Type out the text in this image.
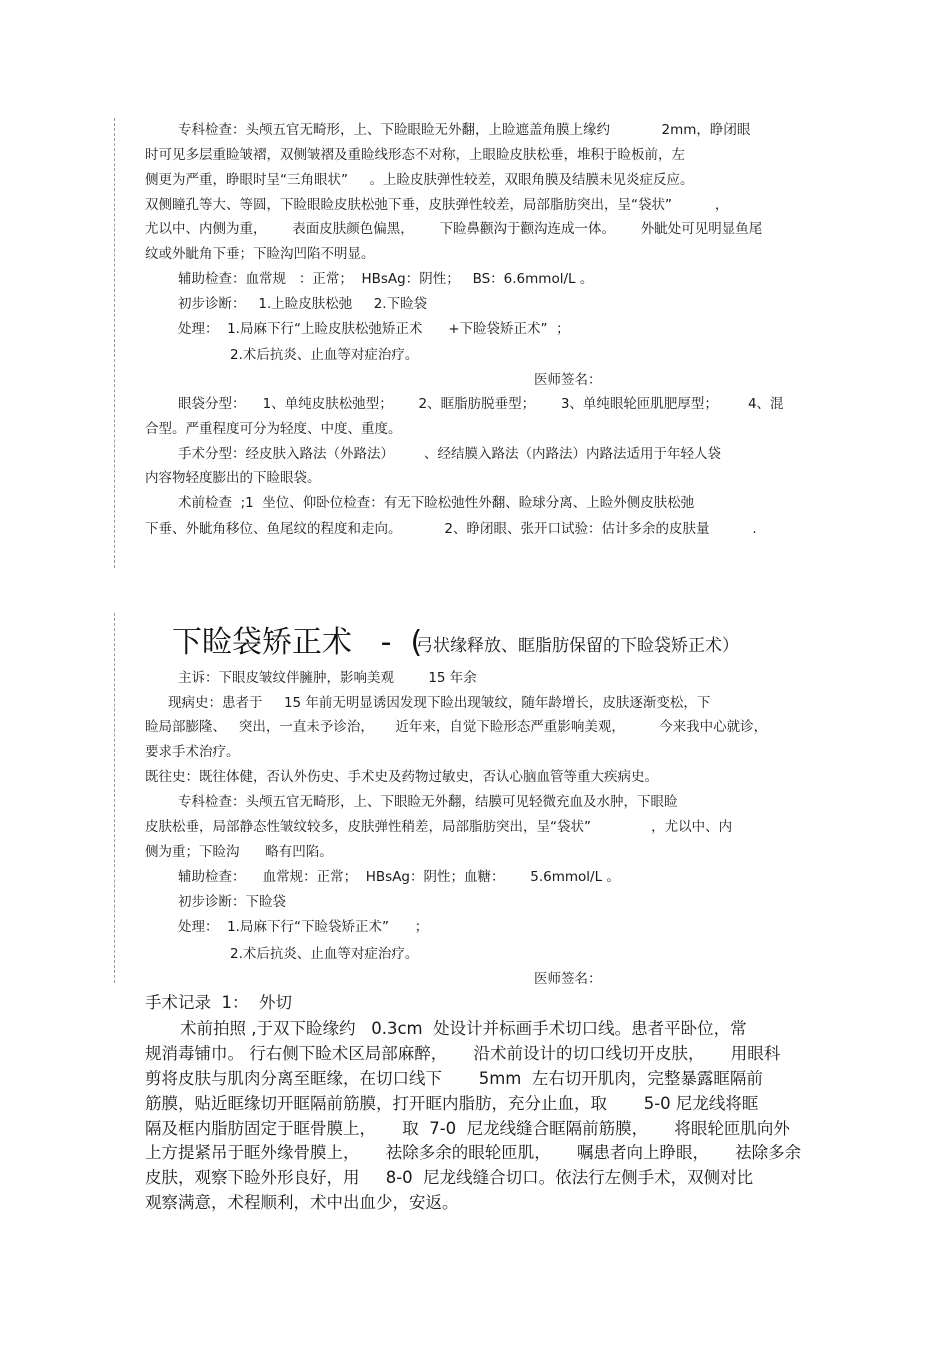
专科检查：头颅五官无畸形，上、下睑眼睑无外翻，上睑遮盖角膜上缘约            2mm，睁闭眼
时可见多层重睑皱褶，双侧皱褶及重睑线形态不对称，上眼睑皮肤松垂，堆积于睑板前，左
侧更为严重，睁眼时呈“三角眼状”     。上睑皮肤弹性较差，双眼角膜及结膜未见炎症反应。
双侧瞳孔等大、等圆，下睑眼睑皮肤松弛下垂，皮肤弹性较差，局部脂肪突出，呈“袋状”          ，
尤以中、内侧为重，      表面皮肤颜色偏黑，      下睑鼻颧沟于颧沟连成一体。      外眦处可见明显鱼尾
纹或外眦角下垂；下睑沟凹陷不明显。
辅助检查：血常规   ：正常；  HBsAg：阴性；   BS：6.6mmol/L 。
初步诊断：   1.上睑皮肤松弛     2.下睑袋
处理：  1.局麻下行“上睑皮肤松弛矫正术      +下睑袋矫正术”  ；
2.术后抗炎、止血等对症治疗。
医师签名：
眼袋分型：    1、单纯皮肤松弛型；      2、眶脂肪脱垂型；      3、单纯眼轮匝肌肥厚型；       4、混
合型。严重程度可分为轻度、中度、重度。
手术分型：经皮肤入路法（外路法）       、经结膜入路法（内路法）内路法适用于年轻人袋
内容物轻度膨出的下睑眼袋。
术前检查  ;1  坐位、仰卧位检查：有无下睑松弛性外翻、睑球分离、上睑外侧皮肤松弛
下垂、外眦角移位、鱼尾纹的程度和走向。          2、睁闭眼、张开口试验：估计多余的皮肤量          .
下睑袋矫正术   -  (
弓状缘释放、眶脂肪保留的下睑袋矫正术）
主诉：下眼皮皱纹伴臃肿，影响美观        15 年余
现病史：患者于     15 年前无明显诱因发现下睑出现皱纹，随年龄增长，皮肤逐渐变松，下
睑局部膨隆、   突出，一直未予诊治，     近年来，自觉下睑形态严重影响美观，        今来我中心就诊，
要求手术治疗。
既往史：既往体健，否认外伤史、手术史及药物过敏史，否认心脑血管等重大疾病史。
专科检查：头颅五官无畸形，上、下眼睑无外翻，结膜可见轻微充血及水肿，下眼睑
皮肤松垂，局部静态性皱纹较多，皮肤弹性稍差，局部脂肪突出，呈“袋状”              ，尤以中、内
侧为重；下睑沟      略有凹陷。
辅助检查：    血常规：正常；  HBsAg：阴性；血糖：      5.6mmol/L 。
初步诊断：下睑袋
处理：  1.局麻下行“下睑袋矫正术”      ；
2.术后抗炎、止血等对症治疗。
医师签名：
手术记录  1：  外切
术前拍照 ,于双下睑缘约   0.3cm  处设计并标画手术切口线。患者平卧位，常
规消毒铺巾。 行右侧下睑术区局部麻醉，     沿术前设计的切口线切开皮肤，     用眼科
剪将皮肤与肌肉分离至眶缘，在切口线下       5mm  左右切开肌肉，完整暴露眶隔前
筋膜，贴近眶缘切开眶隔前筋膜，打开眶内脂肪，充分止血，取       5-0 尼龙线将眶
隔及框内脂肪固定于眶骨膜上，     取  7-0  尼龙线缝合眶隔前筋膜，     将眼轮匝肌向外
上方提紧吊于眶外缘骨膜上，     祛除多余的眼轮匝肌，     嘱患者向上睁眼，     祛除多余
皮肤，观察下睑外形良好，用     8-0  尼龙线缝合切口。依法行左侧手术，双侧对比
观察满意，术程顺利，术中出血少，安返。
